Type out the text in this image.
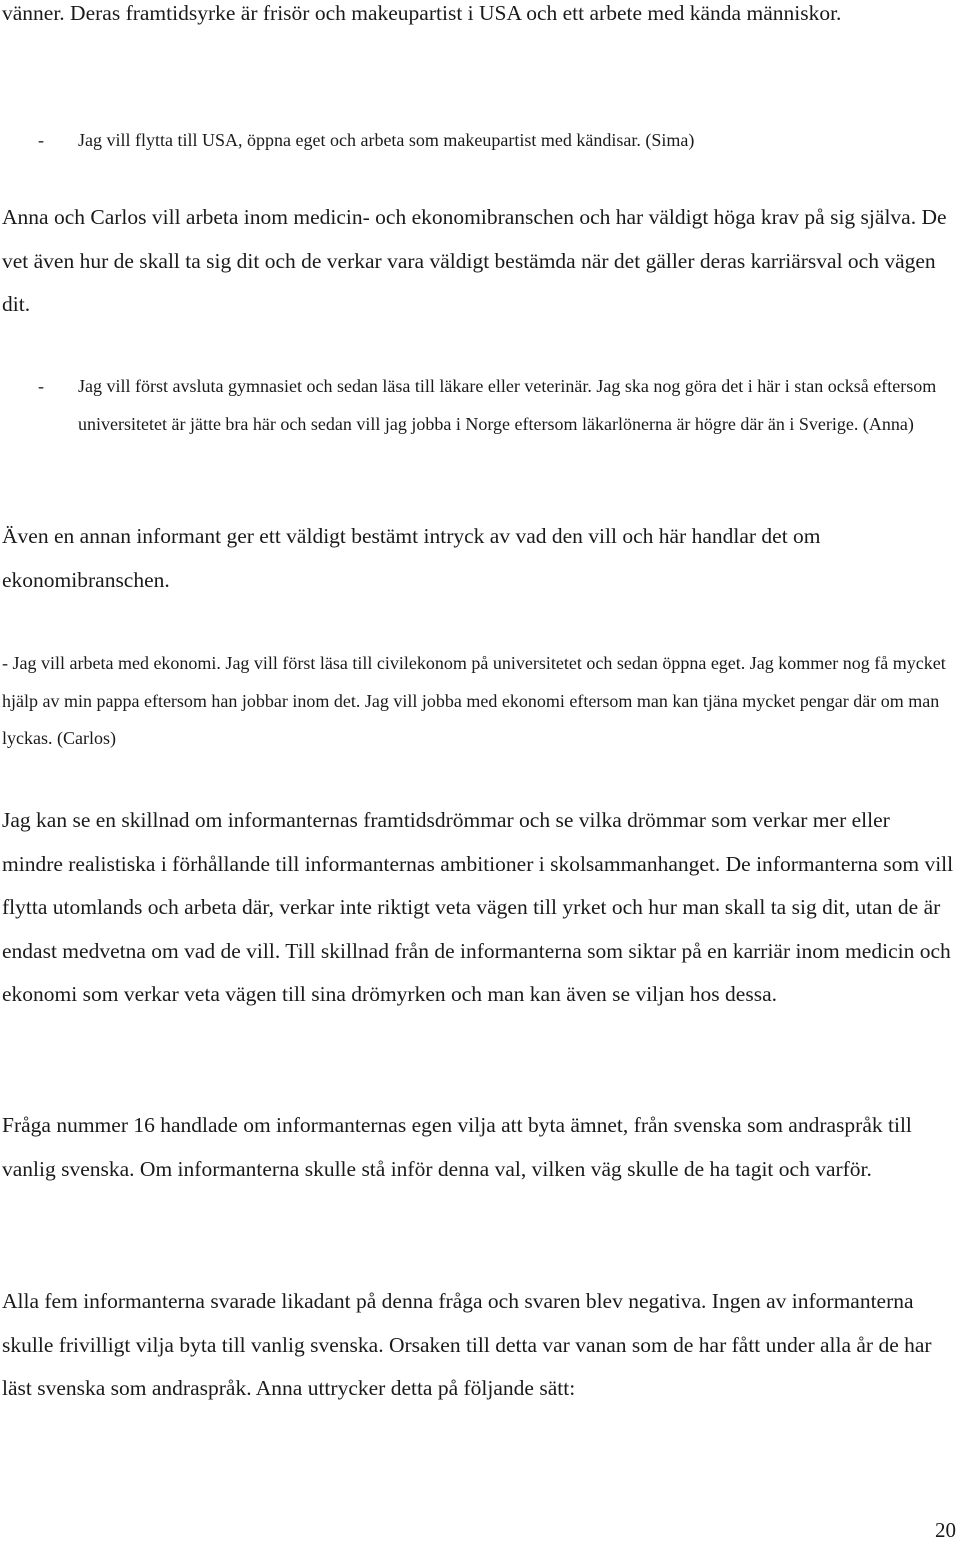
vänner. Deras framtidsyrke är frisör och makeupartist i USA och ett arbete med kända människor.

-	Jag vill flytta till USA, öppna eget och arbeta som makeupartist med kändisar. (Sima)

Anna och Carlos vill arbeta inom medicin- och ekonomibranschen och har väldigt höga krav på sig själva. De vet även hur de skall ta sig dit och de verkar vara väldigt bestämda när det gäller deras karriärsval och vägen dit.

-	Jag vill först avsluta gymnasiet och sedan läsa till läkare eller veterinär. Jag ska nog göra det i här i stan också eftersom universitetet är jätte bra här och sedan vill jag jobba i Norge eftersom läkarlönerna är högre där än i Sverige. (Anna)

Även en annan informant ger ett väldigt bestämt intryck av vad den vill och här handlar det om ekonomibranschen.

- Jag vill arbeta med ekonomi. Jag vill först läsa till civilekonom på universitetet och sedan öppna eget. Jag kommer nog få mycket hjälp av min pappa eftersom han jobbar inom det. Jag vill jobba med ekonomi eftersom man kan tjäna mycket pengar där om man lyckas. (Carlos)

Jag kan se en skillnad om informanternas framtidsdrömmar och se vilka drömmar som verkar mer eller mindre realistiska i förhållande till informanternas ambitioner i skolsammanhanget. De informanterna som vill flytta utomlands och arbeta där, verkar inte riktigt veta vägen till yrket och hur man skall ta sig dit, utan de är endast medvetna om vad de vill. Till skillnad från de informanterna som siktar på en karriär inom medicin och ekonomi som verkar veta vägen till sina drömyrken och man kan även se viljan hos dessa.

Fråga nummer 16 handlade om informanternas egen vilja att byta ämnet, från svenska som andraspråk till vanlig svenska. Om informanterna skulle stå inför denna val, vilken väg skulle de ha tagit och varför.

Alla fem informanterna svarade likadant på denna fråga och svaren blev negativa. Ingen av informanterna skulle frivilligt vilja byta till vanlig svenska. Orsaken till detta var vanan som de har fått under alla år de har läst svenska som andraspråk. Anna uttrycker detta på följande sätt:

20
